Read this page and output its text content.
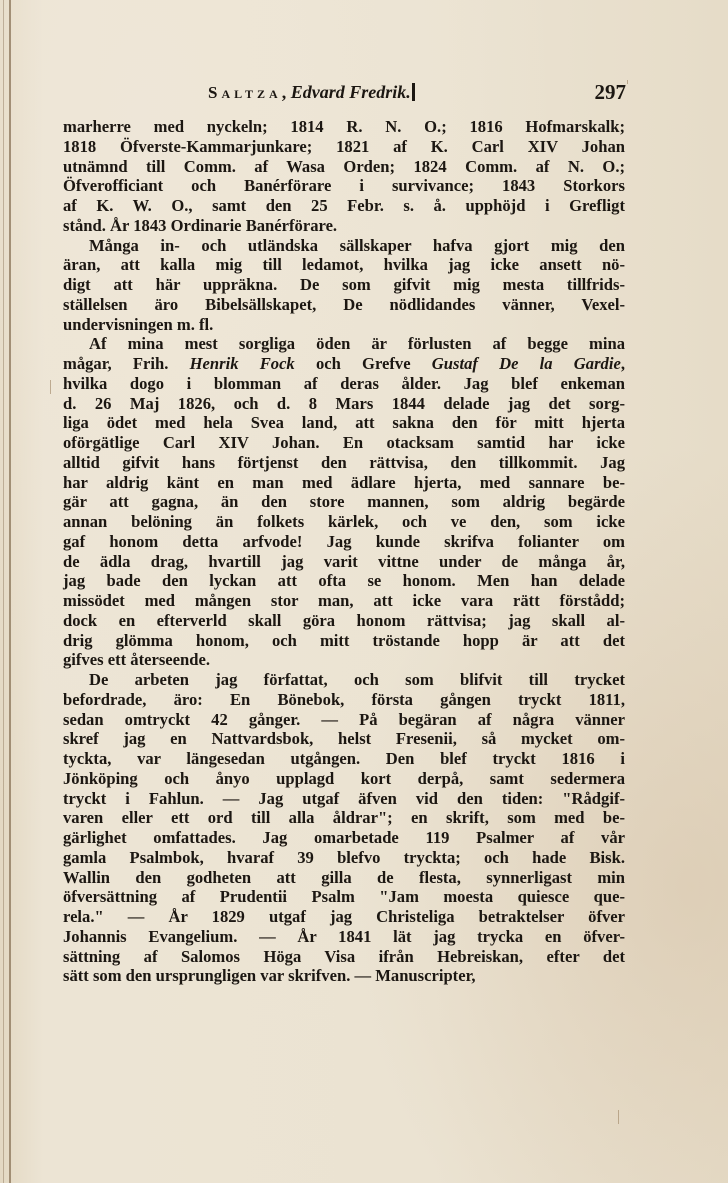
Saltza, Edvard Fredrik.	297
marherre med nyckeln; 1814 R. N. O.; 1816 Hofmarskalk;
1818 Öfverste-Kammarjunkare; 1821 af K. Carl XIV Johan
utnämnd till Comm. af Wasa Orden; 1824 Comm. af N. O.;
Öfverofficiant och Banérförare i survivance; 1843 Storkors
af K. W. O., samt den 25 Febr. s. å. upphöjd i Grefligt
stånd. År 1843 Ordinarie Banérförare.
Många in- och utländska sällskaper hafva gjort mig den
äran, att kalla mig till ledamot, hvilka jag icke ansett nö-
digt att här uppräkna. De som gifvit mig mesta tillfrids-
ställelsen äro Bibelsällskapet, De nödlidandes vänner, Vexel-
undervisningen m. fl.
Af mina mest sorgliga öden är förlusten af begge mina
mågar, Frih. Henrik Fock och Grefve Gustaf De la Gardie,
hvilka dogo i blomman af deras ålder. Jag blef enkeman
d. 26 Maj 1826, och d. 8 Mars 1844 delade jag det sorg-
liga ödet med hela Svea land, att sakna den för mitt hjerta
oförgätlige Carl XIV Johan. En otacksam samtid har icke
alltid gifvit hans förtjenst den rättvisa, den tillkommit. Jag
har aldrig känt en man med ädlare hjerta, med sannare be-
gär att gagna, än den store mannen, som aldrig begärde
annan belöning än folkets kärlek, och ve den, som icke
gaf honom detta arfvode! Jag kunde skrifva folianter om
de ädla drag, hvartill jag varit vittne under de många år,
jag bade den lyckan att ofta se honom. Men han delade
missödet med mången stor man, att icke vara rätt förstådd;
dock en efterverld skall göra honom rättvisa; jag skall al-
drig glömma honom, och mitt tröstande hopp är att det
gifves ett återseende.
De arbeten jag författat, och som blifvit till trycket
befordrade, äro: En Bönebok, första gången tryckt 1811,
sedan omtryckt 42 gånger. — På begäran af några vänner
skref jag en Nattvardsbok, helst Fresenii, så mycket om-
tyckta, var längesedan utgången. Den blef tryckt 1816 i
Jönköping och ånyo upplagd kort derpå, samt sedermera
tryckt i Fahlun. — Jag utgaf äfven vid den tiden: "Rådgif-
varen eller ett ord till alla åldrar"; en skrift, som med be-
gärlighet omfattades. Jag omarbetade 119 Psalmer af vår
gamla Psalmbok, hvaraf 39 blefvo tryckta; och hade Bisk.
Wallin den godheten att gilla de flesta, synnerligast min
öfversättning af Prudentii Psalm "Jam moesta quiesce que-
rela." — År 1829 utgaf jag Christeliga betraktelser öfver
Johannis Evangelium. — År 1841 lät jag trycka en öfver-
sättning af Salomos Höga Visa ifrån Hebreiskan, efter det
sätt som den ursprungligen var skrifven. — Manuscripter,
